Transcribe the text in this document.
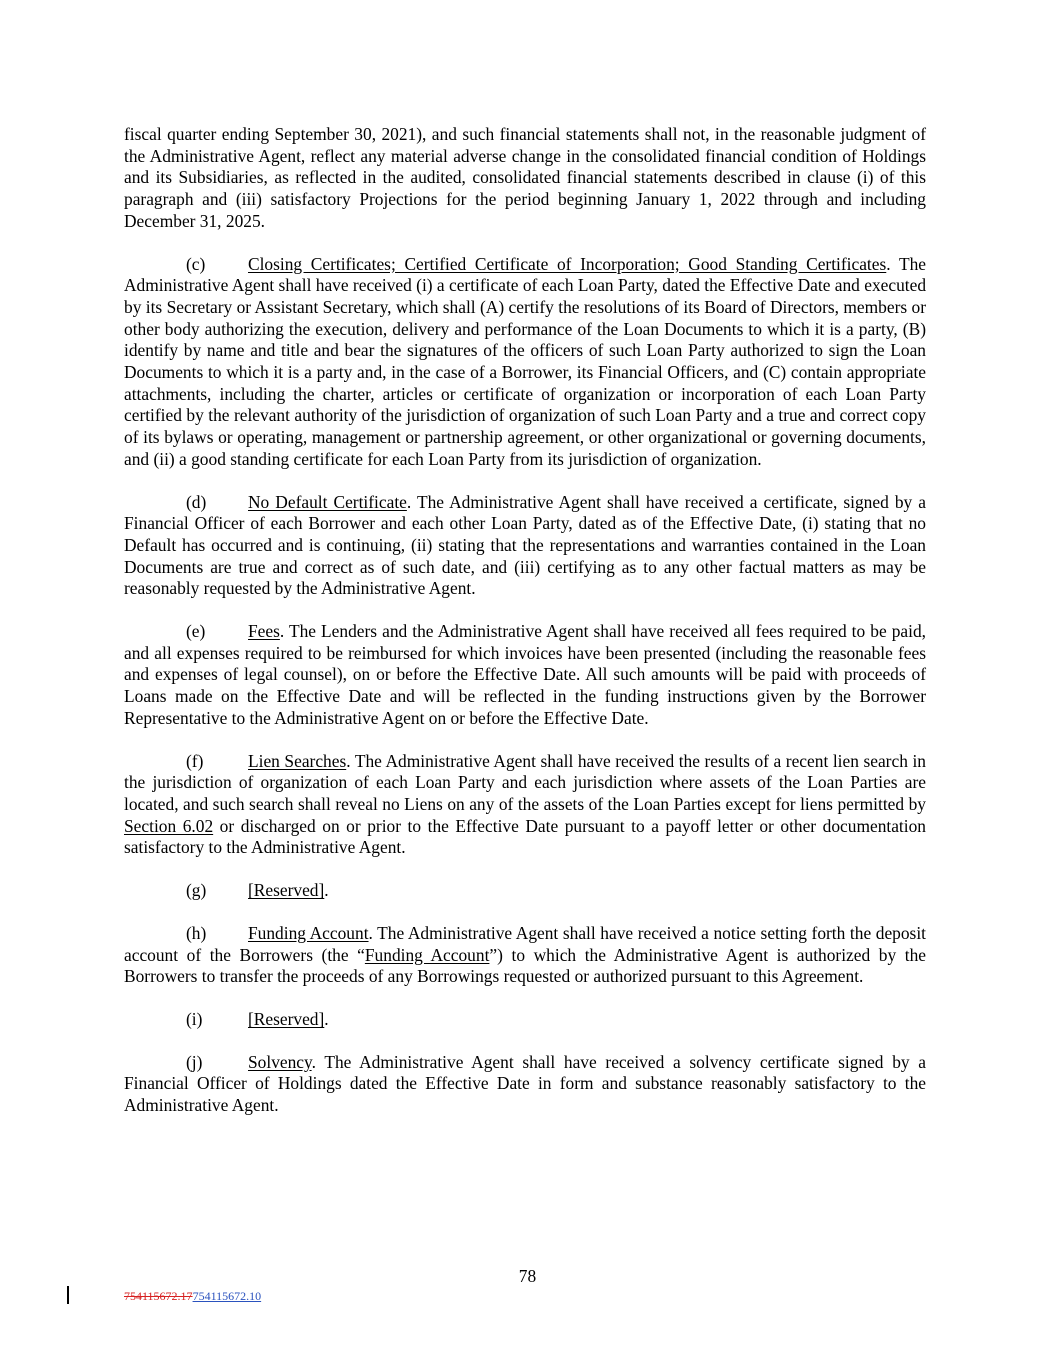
fiscal quarter ending September 30, 2021), and such financial statements shall not, in the reasonable judgment of the Administrative Agent, reflect any material adverse change in the consolidated financial condition of Holdings and its Subsidiaries, as reflected in the audited, consolidated financial statements described in clause (i) of this paragraph and (iii) satisfactory Projections for the period beginning January 1, 2022 through and including December 31, 2025.

(c) Closing Certificates; Certified Certificate of Incorporation; Good Standing Certificates. The Administrative Agent shall have received (i) a certificate of each Loan Party, dated the Effective Date and executed by its Secretary or Assistant Secretary, which shall (A) certify the resolutions of its Board of Directors, members or other body authorizing the execution, delivery and performance of the Loan Documents to which it is a party, (B) identify by name and title and bear the signatures of the officers of such Loan Party authorized to sign the Loan Documents to which it is a party and, in the case of a Borrower, its Financial Officers, and (C) contain appropriate attachments, including the charter, articles or certificate of organization or incorporation of each Loan Party certified by the relevant authority of the jurisdiction of organization of such Loan Party and a true and correct copy of its bylaws or operating, management or partnership agreement, or other organizational or governing documents, and (ii) a good standing certificate for each Loan Party from its jurisdiction of organization.

(d) No Default Certificate. The Administrative Agent shall have received a certificate, signed by a Financial Officer of each Borrower and each other Loan Party, dated as of the Effective Date, (i) stating that no Default has occurred and is continuing, (ii) stating that the representations and warranties contained in the Loan Documents are true and correct as of such date, and (iii) certifying as to any other factual matters as may be reasonably requested by the Administrative Agent.

(e) Fees. The Lenders and the Administrative Agent shall have received all fees required to be paid, and all expenses required to be reimbursed for which invoices have been presented (including the reasonable fees and expenses of legal counsel), on or before the Effective Date. All such amounts will be paid with proceeds of Loans made on the Effective Date and will be reflected in the funding instructions given by the Borrower Representative to the Administrative Agent on or before the Effective Date.

(f)	Lien Searches. The Administrative Agent shall have received the results of a recent lien search in the jurisdiction of organization of each Loan Party and each jurisdiction where assets of the Loan Parties are located, and such search shall reveal no Liens on any of the assets of the Loan Parties except for liens permitted by Section 6.02 or discharged on or prior to the Effective Date pursuant to a payoff letter or other documentation satisfactory to the Administrative Agent.

(g) [Reserved].

(h) Funding Account. The Administrative Agent shall have received a notice setting forth the deposit account of the Borrowers (the “Funding Account”) to which the Administrative Agent is authorized by the Borrowers to transfer the proceeds of any Borrowings requested or authorized pursuant to this Agreement.

(i)	[Reserved].

(j)	Solvency. The Administrative Agent shall have received a solvency certificate signed by a Financial Officer of Holdings dated the Effective Date in form and substance reasonably satisfactory to the Administrative Agent.

78
754115672.17754115672.10
